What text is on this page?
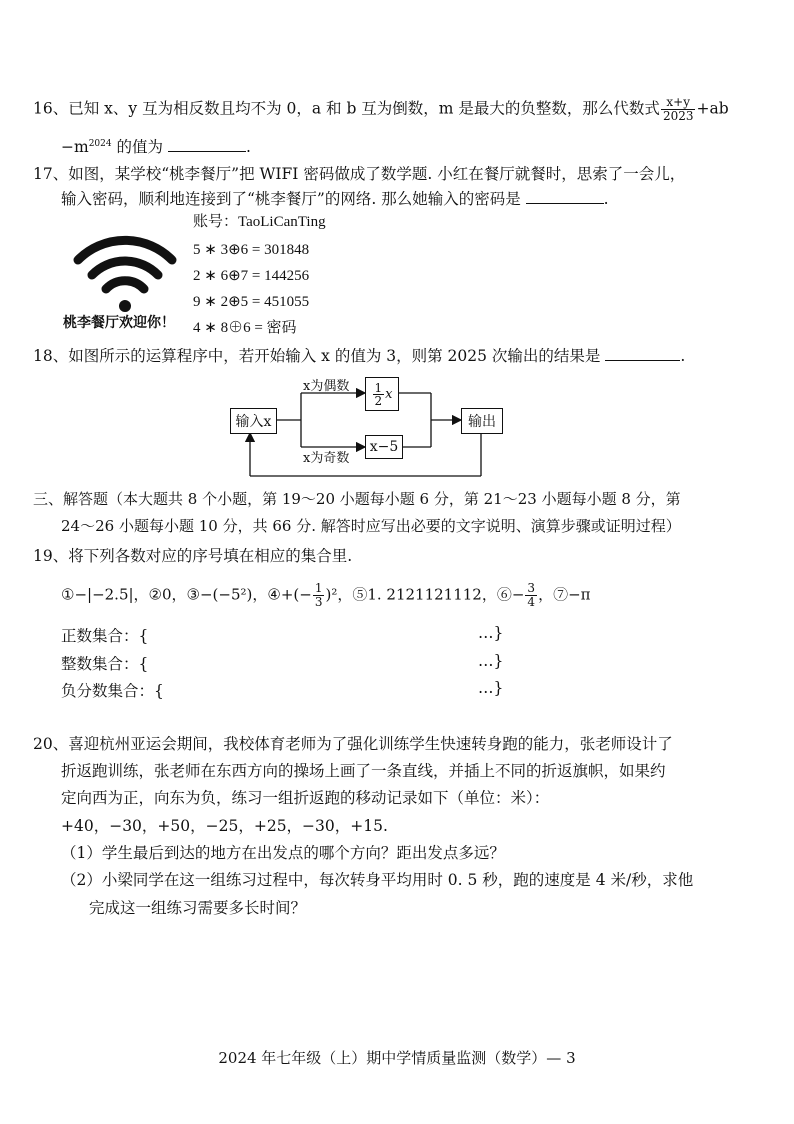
16、已知 x、y 互为相反数且均不为 0，a 和 b 互为倒数，m 是最大的负整数，那么代数式 $\frac{x+y}{2023} +ab$
$-m^{2024}$ 的值为	.
17、如图，某学校“桃李餐厅”把 WIFI 密码做成了数学题. 小红在餐厅就餐时，思索了一会儿，
输入密码，顺利地连接到了“桃李餐厅”的网络. 那么她输入的密码是	.
桃李餐厅欢迎你！
账号：TaoLiCanTing
5 ∗ 3⊕6 = 301848
2 ∗ 6⊕7 = 144256
9 ∗ 2⊕5 = 451055
4 ∗ 8⊕6 = 密码
18、如图所示的运算程序中，若开始输入 x 的值为 3，则第 2025 次输出的结果是	.
输入x
$\frac{1}{2}$ x
x−5
输出
x为偶数
x为奇数
三、解答题（本大题共 8 个小题，第 19～20 小题每小题 6 分，第 21～23 小题每小题 8 分，第
24～26 小题每小题 10 分，共 66 分. 解答时应写出必要的文字说明、演算步骤或证明过程）
19、将下列各数对应的序号填在相应的集合里.
①−|−2.5|，②0，③−(−5²)，④+(− $\frac{1}{3} )^2$，⑤1. 2121121112，⑥− $\frac{3}{4}$ ，⑦−π
正数集合：{	…}
整数集合：{	…}
负分数集合：{	…}
20、喜迎杭州亚运会期间，我校体育老师为了强化训练学生快速转身跑的能力，张老师设计了
折返跑训练，张老师在东西方向的操场上画了一条直线，并插上不同的折返旗帜，如果约
定向西为正，向东为负，练习一组折返跑的移动记录如下（单位：米）：
+40，−30，+50，−25，+25，−30，+15.
（1）学生最后到达的地方在出发点的哪个方向？距出发点多远？
（2）小梁同学在这一组练习过程中，每次转身平均用时 0. 5 秒，跑的速度是 4 米/秒，求他
完成这一组练习需要多长时间？
2024 年七年级（上）期中学情质量监测（数学）— 3
